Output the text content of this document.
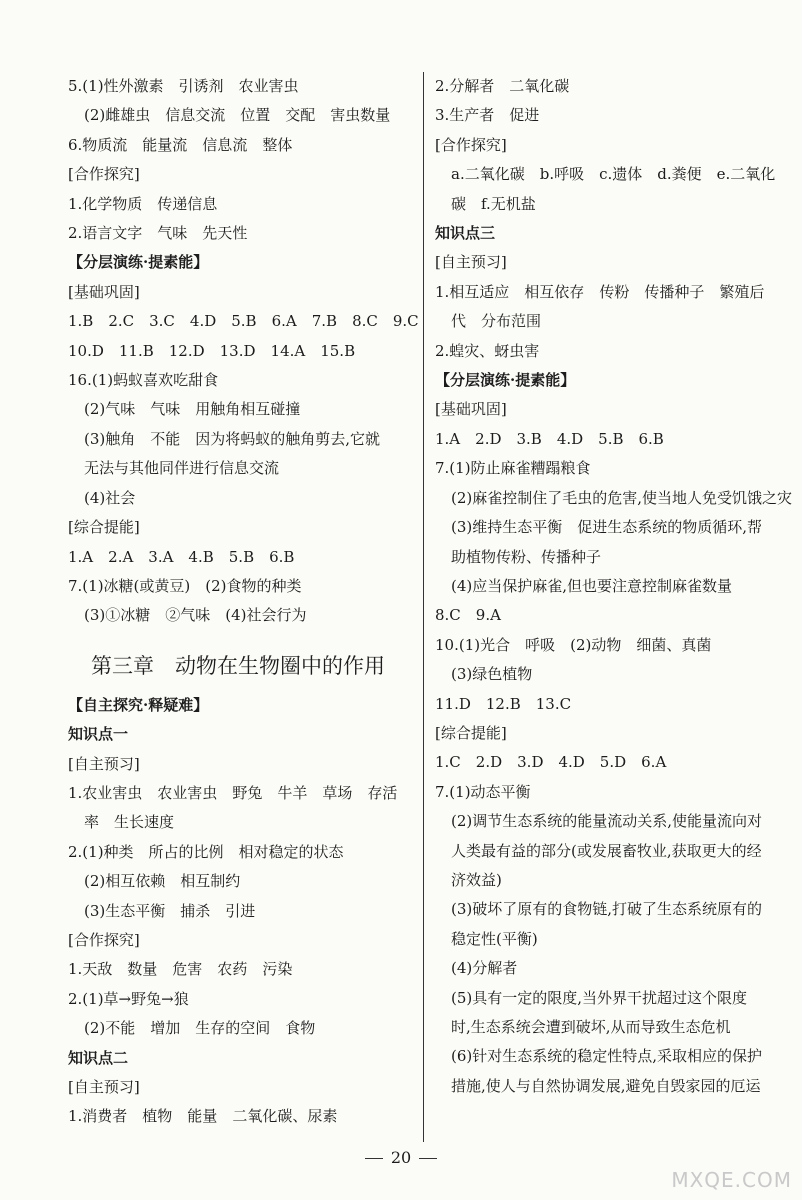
5.(1)性外激素　引诱剂　农业害虫
(2)雌雄虫　信息交流　位置　交配　害虫数量
6.物质流　能量流　信息流　整体
[合作探究]
1.化学物质　传递信息
2.语言文字　气味　先天性
【分层演练·提素能】
[基础巩固]
1.B　2.C　3.C　4.D　5.B　6.A　7.B　8.C　9.C
10.D　11.B　12.D　13.D　14.A　15.B
16.(1)蚂蚁喜欢吃甜食
(2)气味　气味　用触角相互碰撞
(3)触角　不能　因为将蚂蚁的触角剪去,它就
无法与其他同伴进行信息交流
(4)社会
[综合提能]
1.A　2.A　3.A　4.B　5.B　6.B
7.(1)冰糖(或黄豆)　(2)食物的种类
(3)①冰糖　②气味　(4)社会行为
第三章　动物在生物圈中的作用
【自主探究·释疑难】
知识点一
[自主预习]
1.农业害虫　农业害虫　野兔　牛羊　草场　存活
率　生长速度
2.(1)种类　所占的比例　相对稳定的状态
(2)相互依赖　相互制约
(3)生态平衡　捕杀　引进
[合作探究]
1.天敌　数量　危害　农药　污染
2.(1)草→野兔→狼
(2)不能　增加　生存的空间　食物
知识点二
[自主预习]
1.消费者　植物　能量　二氧化碳、尿素
2.分解者　二氧化碳
3.生产者　促进
[合作探究]
a.二氧化碳　b.呼吸　c.遗体　d.粪便　e.二氧化
碳　f.无机盐
知识点三
[自主预习]
1.相互适应　相互依存　传粉　传播种子　繁殖后
代　分布范围
2.蝗灾、蚜虫害
【分层演练·提素能】
[基础巩固]
1.A　2.D　3.B　4.D　5.B　6.B
7.(1)防止麻雀糟蹋粮食
(2)麻雀控制住了毛虫的危害,使当地人免受饥饿之灾
(3)维持生态平衡　促进生态系统的物质循环,帮
助植物传粉、传播种子
(4)应当保护麻雀,但也要注意控制麻雀数量
8.C　9.A
10.(1)光合　呼吸　(2)动物　细菌、真菌
(3)绿色植物
11.D　12.B　13.C
[综合提能]
1.C　2.D　3.D　4.D　5.D　6.A
7.(1)动态平衡
(2)调节生态系统的能量流动关系,使能量流向对
人类最有益的部分(或发展畜牧业,获取更大的经
济效益)
(3)破坏了原有的食物链,打破了生态系统原有的
稳定性(平衡)
(4)分解者
(5)具有一定的限度,当外界干扰超过这个限度
时,生态系统会遭到破坏,从而导致生态危机
(6)针对生态系统的稳定性特点,采取相应的保护
措施,使人与自然协调发展,避免自毁家园的厄运
20
MXQE.COM
